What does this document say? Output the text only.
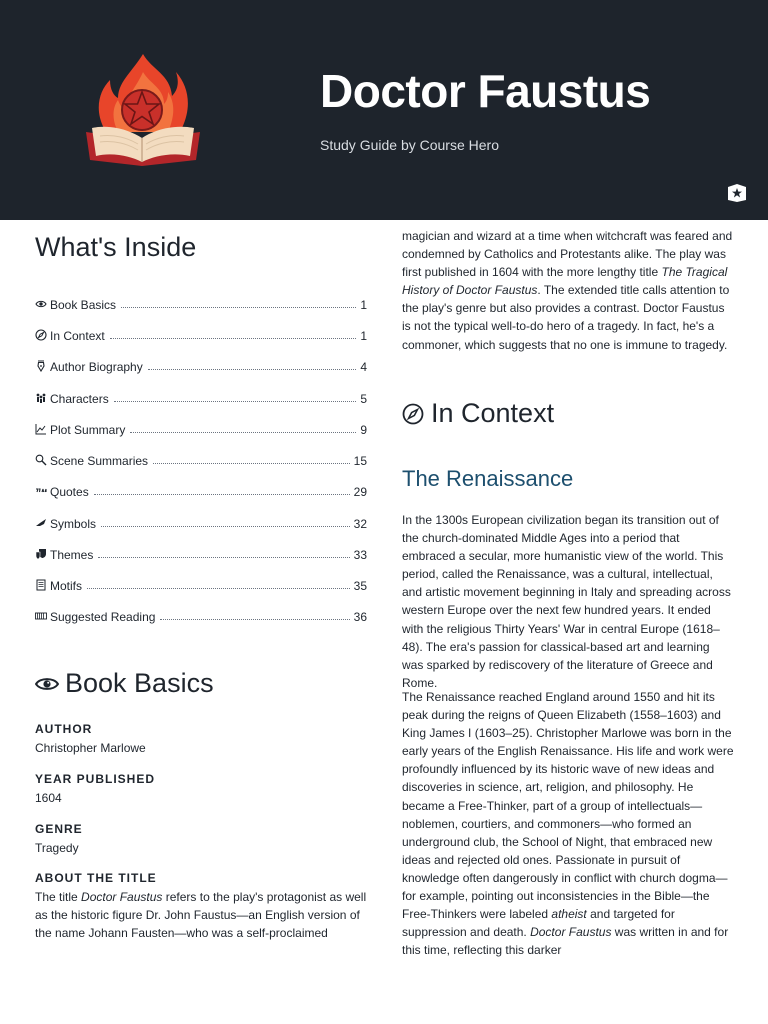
Doctor Faustus
Study Guide by Course Hero
What's Inside
Book Basics	1
In Context	1
Author Biography	4
Characters	5
Plot Summary	9
Scene Summaries	15
Quotes	29
Symbols	32
Themes	33
Motifs	35
Suggested Reading	36
Book Basics
AUTHOR
Christopher Marlowe
YEAR PUBLISHED
1604
GENRE
Tragedy
ABOUT THE TITLE

The title Doctor Faustus refers to the play's protagonist as well as the historic figure Dr. John Faustus—an English version of the name Johann Fausten—who was a self-proclaimed

magician and wizard at a time when witchcraft was feared and condemned by Catholics and Protestants alike. The play was first published in 1604 with the more lengthy title The Tragical History of Doctor Faustus. The extended title calls attention to the play's genre but also provides a contrast. Doctor Faustus is not the typical well-to-do hero of a tragedy. In fact, he's a commoner, which suggests that no one is immune to tragedy.

In Context
The Renaissance

In the 1300s European civilization began its transition out of the church-dominated Middle Ages into a period that embraced a secular, more humanistic view of the world. This period, called the Renaissance, was a cultural, intellectual, and artistic movement beginning in Italy and spreading across western Europe over the next few hundred years. It ended with the religious Thirty Years' War in central Europe (1618–48). The era's passion for classical-based art and learning was sparked by rediscovery of the literature of Greece and Rome.

The Renaissance reached England around 1550 and hit its peak during the reigns of Queen Elizabeth (1558–1603) and King James I (1603–25). Christopher Marlowe was born in the early years of the English Renaissance. His life and work were profoundly influenced by its historic wave of new ideas and discoveries in science, art, religion, and philosophy. He became a Free-Thinker, part of a group of intellectuals—noblemen, courtiers, and commoners—who formed an underground club, the School of Night, that embraced new ideas and rejected old ones. Passionate in pursuit of knowledge often dangerously in conflict with church dogma—for example, pointing out inconsistencies in the Bible—the Free-Thinkers were labeled atheist and targeted for suppression and death. Doctor Faustus was written in and for this time, reflecting this darker
